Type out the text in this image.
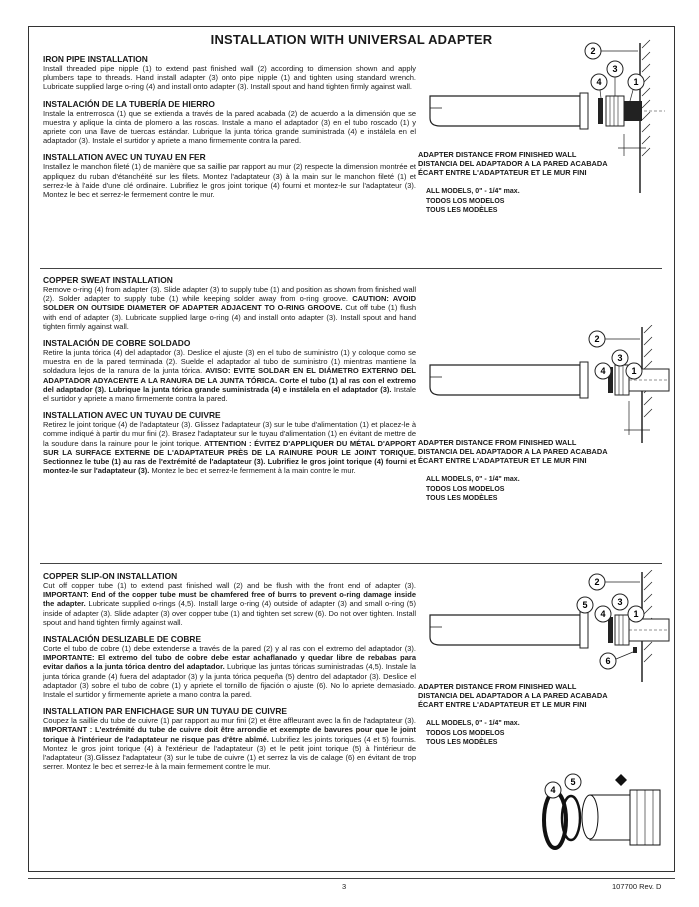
INSTALLATION WITH UNIVERSAL ADAPTER

IRON PIPE INSTALLATION

Install threaded pipe nipple (1) to extend past finished wall (2) according to dimension shown and apply plumbers tape to threads. Hand install adapter (3) onto pipe nipple (1) and tighten using standard wrench. Lubricate supplied large o-ring (4) and install onto adapter (3). Install spout and hand tighten firmly against wall.

INSTALACIÓN DE LA TUBERÍA DE HIERRO

Instale la entrerrosca (1) que se extienda a través de la pared acabada (2) de acuerdo a la dimensión que se muestra y aplique la cinta de plomero a las roscas. Instale a mano el adaptador (3) en el tubo roscado (1) y apriete con una llave de tuercas estándar. Lubrique la junta tórica grande suministrada (4) e instálela en el adaptador (3). Instale el surtidor y apriete a mano firmemente contra la pared.

INSTALLATION AVEC UN TUYAU EN FER

Installez le manchon fileté (1) de manière que sa saillie par rapport au mur (2) respecte la dimension montrée et appliquez du ruban d'étanchéité sur les filets. Montez l'adaptateur (3) à la main sur le manchon fileté (1) et serrez-le à l'aide d'une clé ordinaire. Lubrifiez le gros joint torique (4) fourni et montez-le sur l'adaptateur (3). Montez le bec et serrez-le fermement contre le mur.

2
3
4	1
ADAPTER DISTANCE FROM FINISHED WALL
DISTANCIA DEL ADAPTADOR A LA PARED ACABADA
ÉCART ENTRE L'ADAPTATEUR ET LE MUR FINI
ALL MODELS, 0" - 1/4" max.
TODOS LOS MODELOS
TOUS LES MODÈLES

COPPER SWEAT INSTALLATION

Remove o-ring (4) from adapter (3). Slide adapter (3) to supply tube (1) and position as shown from finished wall (2). Solder adapter to supply tube (1) while keeping solder away from o-ring groove. CAUTION: AVOID SOLDER ON OUTSIDE DIAMETER OF ADAPTER ADJACENT TO O-RING GROOVE. Cut off tube (1) flush with end of adapter (3). Lubricate supplied large o-ring (4) and install onto adapter (3). Install spout and hand tighten firmly against wall.

INSTALACIÓN DE COBRE SOLDADO

Retire la junta tórica (4) del adaptador (3). Deslice el ajuste (3) en el tubo de suministro (1) y coloque como se muestra en de la pared terminada (2). Suelde el adaptador al tubo de suministro (1) mientras mantiene la soldadura lejos de la ranura de la junta tórica. AVISO: EVITE SOLDAR EN EL DIÁMETRO EXTERNO DEL ADAPTADOR ADYACENTE A LA RANURA DE LA JUNTA TÓRICA. Corte el tubo (1) al ras con el extremo del adaptador (3). Lubrique la junta tórica grande suministrada (4) e instálela en el adaptador (3). Instale el surtidor y apriete a mano firmemente contra la pared.

INSTALLATION AVEC UN TUYAU DE CUIVRE

Retirez le joint torique (4) de l'adaptateur (3). Glissez l'adaptateur (3) sur le tube d'alimentation (1) et placez-le à comme indiqué à partir du mur fini (2). Brasez l'adaptateur sur le tuyau d'alimentation (1) en évitant de mettre de la soudure dans la rainure pour le joint torique. ATTENTION : ÉVITEZ D'APPLIQUER DU MÉTAL D'APPORT SUR LA SURFACE EXTERNE DE L'ADAPTATEUR PRÈS DE LA RAINURE POUR LE JOINT TORIQUE. Sectionnez le tube (1) au ras de l'extrémité de l'adaptateur (3). Lubrifiez le gros joint torique (4) fourni et montez-le sur l'adaptateur (3). Montez le bec et serrez-le fermement à la main contre le mur.

2
3
4	1
ADAPTER DISTANCE FROM FINISHED WALL
DISTANCIA DEL ADAPTADOR A LA PARED ACABADA
ÉCART ENTRE L'ADAPTATEUR ET LE MUR FINI
ALL MODELS, 0" - 1/4" max.
TODOS LOS MODELOS
TOUS LES MODÈLES

COPPER SLIP-ON INSTALLATION

Cut off copper tube (1) to extend past finished wall (2) and be flush with the front end of adapter (3). IMPORTANT: End of the copper tube must be chamfered free of burrs to prevent o-ring damage inside the adapter. Lubricate supplied o-rings (4,5). Install large o-ring (4) outside of adapter (3) and small o-ring (5) inside of adapter (3). Slide adapter (3) over copper tube (1) and tighten set screw (6). Do not over tighten. Install spout and hand tighten firmly against wall.

INSTALACIÓN DESLIZABLE DE COBRE

Corte el tubo de cobre (1) debe extenderse a través de la pared (2) y al ras con el extremo del adaptador (3). IMPORTANTE: El extremo del tubo de cobre debe estar achaflanado y quedar libre de rebabas para evitar daños a la junta tórica dentro del adaptador. Lubrique las juntas tóricas suministradas (4,5). Instale la junta tórica grande (4) fuera del adaptador (3) y la junta tórica pequeña (5) dentro del adaptador (3). Deslice el adaptador (3) sobre el tubo de cobre (1) y apriete el tornillo de fijación o ajuste (6). No lo apriete demasiado. Instale el surtidor y firmemente apriete a mano contra la pared.

INSTALLATION PAR ENFICHAGE SUR UN TUYAU DE CUIVRE

Coupez la saillie du tube de cuivre (1) par rapport au mur fini (2) et être affleurant avec la fin de l'adaptateur (3). IMPORTANT : L'extrémité du tube de cuivre doit être arrondie et exempte de bavures pour que le joint torique à l'intérieur de l'adaptateur ne risque pas d'être abîmé. Lubrifiez les joints toriques (4 et 5) fournis. Montez le gros joint torique (4) à l'extérieur de l'adaptateur (3) et le petit joint torique (5) à l'intérieur de l'adaptateur (3).Glissez l'adaptateur (3) sur le tube de cuivre (1) et serrez la vis de calage (6) en évitant de trop serrer. Montez le bec et serrez-le à la main fermement contre le mur.

2
3
5
4	1
6
ADAPTER DISTANCE FROM FINISHED WALL
DISTANCIA DEL ADAPTADOR A LA PARED ACABADA
ÉCART ENTRE L'ADAPTATEUR ET LE MUR FINI
ALL MODELS, 0" - 1/4" max.
TODOS LOS MODELOS
TOUS LES MODÈLES
4
5
3	107700 Rev. D
